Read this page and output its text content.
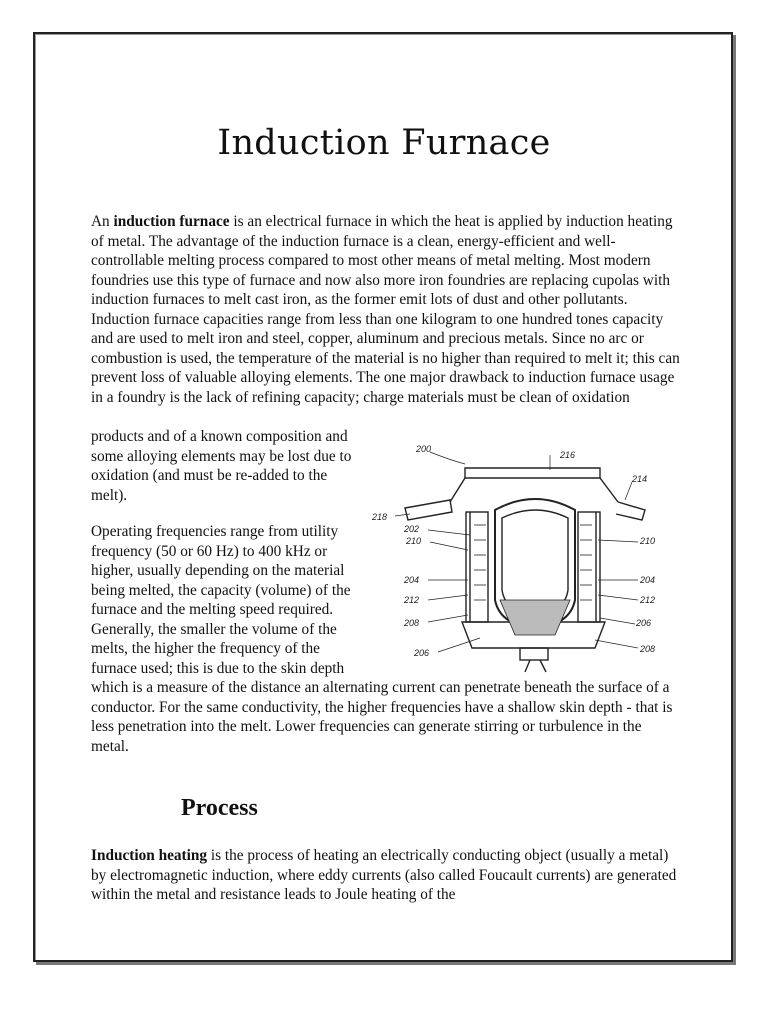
Induction Furnace

An induction furnace is an electrical furnace in which the heat is applied by induction heating of metal. The advantage of the induction furnace is a clean, energy-efficient and well-controllable melting process compared to most other means of metal melting. Most modern foundries use this type of furnace and now also more iron foundries are replacing cupolas with induction furnaces to melt cast iron, as the former emit lots of dust and other pollutants. Induction furnace capacities range from less than one kilogram to one hundred tones capacity and are used to melt iron and steel, copper, aluminum and precious metals. Since no arc or combustion is used, the temperature of the material is no higher than required to melt it; this can prevent loss of valuable alloying elements. The one major drawback to induction furnace usage in a foundry is the lack of refining capacity; charge materials must be clean of oxidation

products and of a known composition and some alloying elements may be lost due to oxidation (and must be re-added to the melt).

Operating frequencies range from utility frequency (50 or 60 Hz) to 400 kHz or higher, usually depending on the material being melted, the capacity (volume) of the furnace and the melting speed required. Generally, the smaller the volume of the melts, the higher the frequency of the furnace used; this is due to the skin depth

which is a measure of the distance an alternating current can penetrate beneath the surface of a conductor. For the same conductivity, the higher frequencies have a shallow skin depth - that is less penetration into the melt. Lower frequencies can generate stirring or turbulence in the metal.

Process

Induction heating is the process of heating an electrically conducting object (usually a metal) by electromagnetic induction, where eddy currents (also called Foucault currents) are generated within the metal and resistance leads to Joule heating of the

200
216
214
218
202
210	210
204	204
212	212
208	206
206	208
